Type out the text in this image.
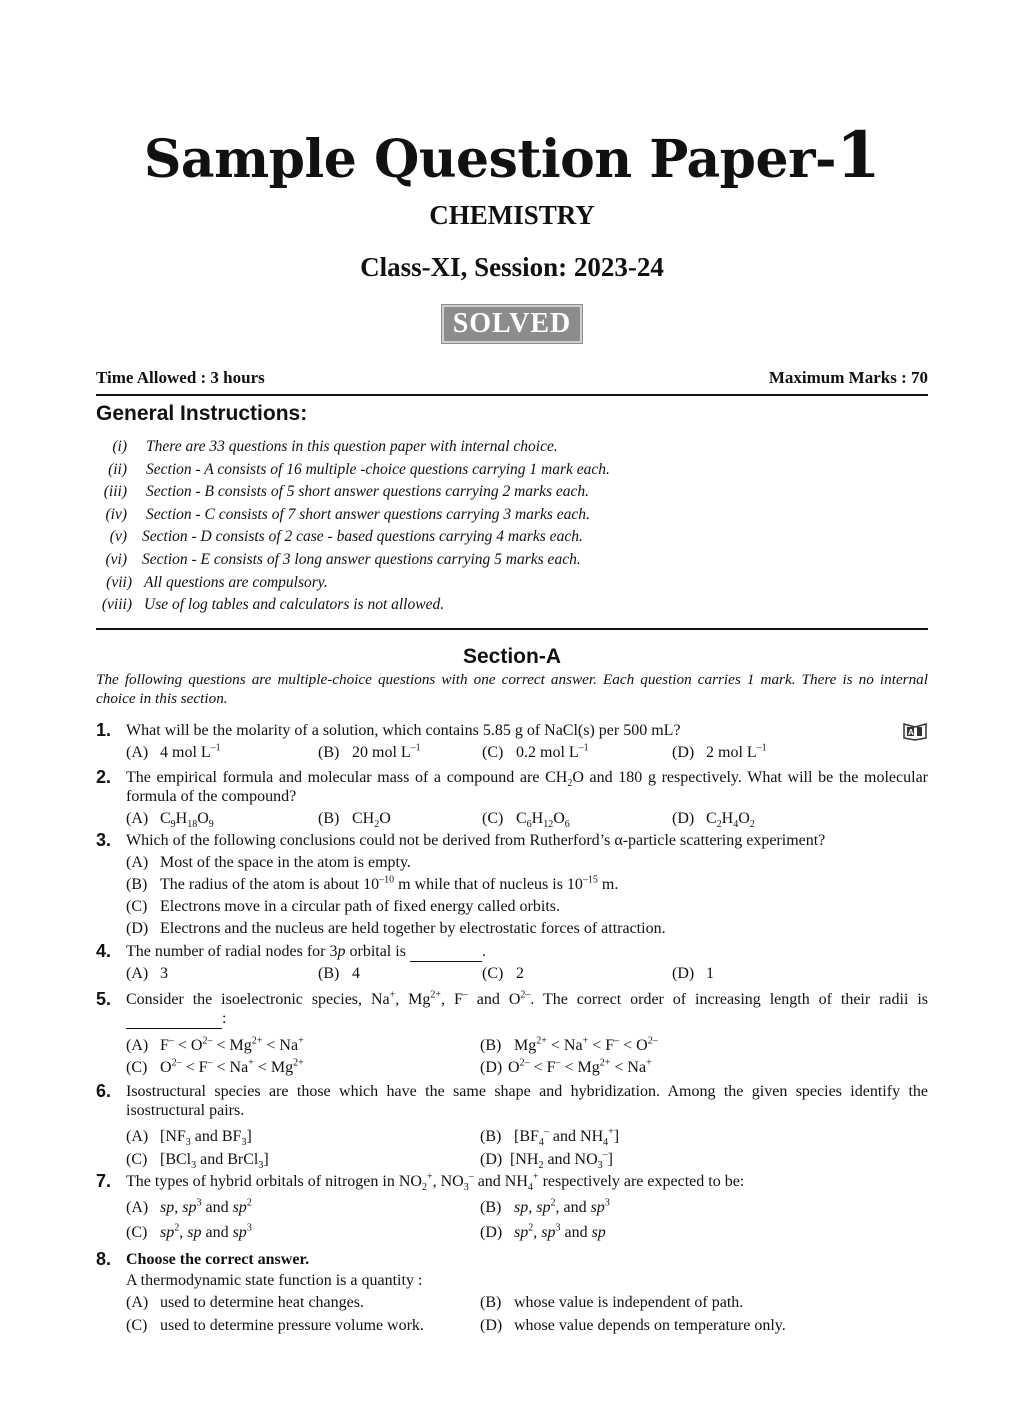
Sample Question Paper-1
CHEMISTRY
Class-XI, Session: 2023-24
SOLVED
Time Allowed : 3 hours	Maximum Marks : 70
General Instructions:
(i) There are 33 questions in this question paper with internal choice.
(ii) Section - A consists of 16 multiple -choice questions carrying 1 mark each.
(iii) Section - B consists of 5 short answer questions carrying 2 marks each.
(iv) Section - C consists of 7 short answer questions carrying 3 marks each.
(v) Section - D consists of 2 case - based questions carrying 4 marks each.
(vi) Section - E consists of 3 long answer questions carrying 5 marks each.
(vii) All questions are compulsory.
(viii) Use of log tables and calculators is not allowed.
Section-A
The following questions are multiple-choice questions with one correct answer. Each question carries 1 mark. There is no internal choice in this section.
1. What will be the molarity of a solution, which contains 5.85 g of NaCl(s) per 500 mL?	AI
(A) 4 mol $L^{-1}$	(B) 20 mol $L^{-1}$	(C) 0.2 mol $L^{-1}$	(D) 2 mol $L^{-1}$
2. The empirical formula and molecular mass of a compound are $CH_2O$ and 180 g respectively. What will be the molecular formula of the compound?
(A) $C_9H_{18}O_9$	(B) $CH_2O$	(C) $C_6H_{12}O_6$	(D) $C_2H_4O_2$
3. Which of the following conclusions could not be derived from Rutherford’s α-particle scattering experiment?
(A) Most of the space in the atom is empty.
(B) The radius of the atom is about $10^{-10}$ m while that of nucleus is $10^{-15}$ m.
(C) Electrons move in a circular path of fixed energy called orbits.
(D) Electrons and the nucleus are held together by electrostatic forces of attraction.
4. The number of radial nodes for 3p orbital is	.
(A) 3	(B) 4	(C) 2	(D) 1
5. Consider the isoelectronic species, Na+, $Mg^{2+}$, F– and $O^{2-}$. The correct order of increasing length of their radii is  :
(A) $F^- < O^{2-} < Mg^{2+} < Na^+$	(B) $Mg^{2+} < Na^+ < F^- < O^{2-}$
(C) $O^{2-} < F^- < Na^+ < Mg^{2+}$	(D) $O^{2-} < F^- < Mg^{2+} < Na^+$
6. Isostructural species are those which have the same shape and hybridization. Among the given species identify the isostructural pairs.
(A) [$NF_3$ and $BF_3$]	(B) [$BF_4^-$ and $NH_4^+$]
(C) [BCl$_3$ and BrCl$_3$]	(D) [$NH_2$ and $NO_3^-$]
7. The types of hybrid orbitals of nitrogen in $NO_2^+$, $NO_3^-$ and $NH_4^+$ respectively are expected to be:
(A) sp, $sp^3$ and $sp^2$	(B) sp, $sp^2$, and $sp^3$
(C) $sp^2$, sp and $sp^3$	(D) $sp^2$, $sp^3$ and sp
8. Choose the correct answer.
A thermodynamic state function is a quantity :
(A) used to determine heat changes.	(B) whose value is independent of path.
(C) used to determine pressure volume work.	(D) whose value depends on temperature only.
